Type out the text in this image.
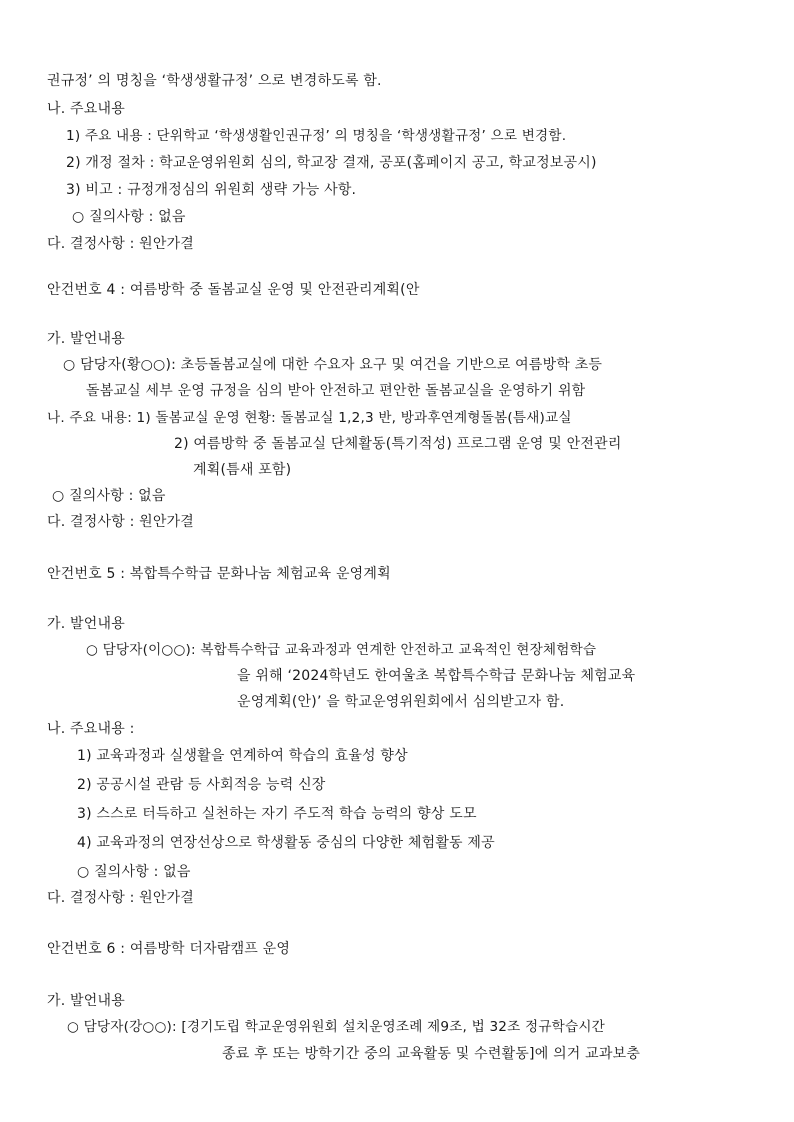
권규정’ 의 명칭을 ‘학생생활규정’ 으로 변경하도록 함.
나. 주요내용
1) 주요 내용 : 단위학교 ‘학생생활인권규정’ 의 명칭을 ‘학생생활규정’ 으로 변경함.
2) 개정 절차 : 학교운영위원회 심의, 학교장 결재, 공포(홈페이지 공고, 학교정보공시)
3) 비고 : 규정개정심의 위원회 생략 가능 사항.
○ 질의사항 : 없음
다. 결정사항 : 원안가결
안건번호 4 : 여름방학 중 돌봄교실 운영 및 안전관리계획(안
가. 발언내용
○ 담당자(황○○): 초등돌봄교실에 대한 수요자 요구 및 여건을 기반으로 여름방학 초등
돌봄교실 세부 운영 규정을 심의 받아 안전하고 편안한 돌봄교실을 운영하기 위함
나. 주요 내용: 1) 돌봄교실 운영 현황: 돌봄교실 1,2,3 반, 방과후연계형돌봄(틈새)교실
2) 여름방학 중 돌봄교실 단체활동(특기적성) 프로그램 운영 및 안전관리
계획(틈새 포함)
○ 질의사항 : 없음
다. 결정사항 : 원안가결
안건번호 5 : 복합특수학급 문화나눔 체험교육 운영계획
가. 발언내용
○ 담당자(이○○): 복합특수학급 교육과정과 연계한 안전하고 교육적인 현장체험학습
을 위해 ‘2024학년도 한여울초 복합특수학급 문화나눔 체험교육
운영계획(안)’ 을 학교운영위원회에서 심의받고자 함.
나. 주요내용 :
1) 교육과정과 실생활을 연계하여 학습의 효율성 향상
2) 공공시설 관람 등 사회적응 능력 신장
3) 스스로 터득하고 실천하는 자기 주도적 학습 능력의 향상 도모
4) 교육과정의 연장선상으로 학생활동 중심의 다양한 체험활동 제공
○ 질의사항 : 없음
다. 결정사항 : 원안가결
안건번호 6 : 여름방학 더자람캠프 운영
가. 발언내용
○ 담당자(강○○): [경기도립 학교운영위원회 설치운영조례 제9조, 법 32조 정규학습시간
종료 후 또는 방학기간 중의 교육활동 및 수련활동]에 의거 교과보충
